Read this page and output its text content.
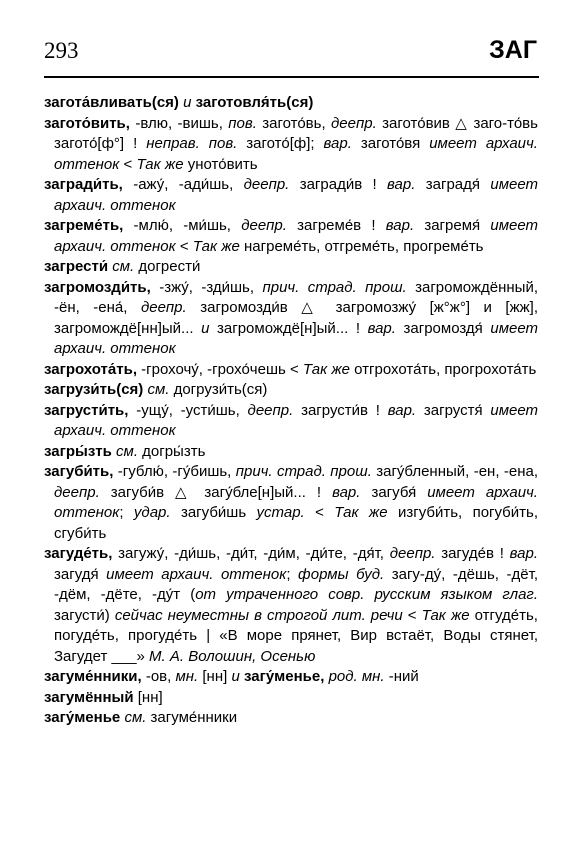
293	ЗАГ

загота́вливать(ся) и заготовля́ть(ся)

загото́вить, -влю, -вишь, пов. загото́вь, деепр. загото́вив △ заго-то́вь загото́[ф°] ! неправ. пов. загото́[ф]; вар. загото́вя имеет архаич. оттенок < Так же уното́вить

загради́ть, -ажу́, -ади́шь, деепр. загради́в ! вар. заградя́ имеет архаич. оттенок

загреме́ть, -млю́, -ми́шь, деепр. загреме́в ! вар. загремя́ имеет архаич. оттенок < Так же нагреме́ть, отгреме́ть, прогреме́ть

загрести́ см. догрести́

загромозди́ть, -зжу́, -зди́шь, прич. страд. прош. загромождённый, -ён, -ена́, деепр. загромозди́в △ загромозжу́ [ж°ж°] и [жж], загромождё[нн]ый... и загромождё[н]ый... ! вар. загромоздя́ имеет архаич. оттенок

загрохота́ть, -грохочу́, -грохо́чешь < Так же отгрохота́ть, прогрохота́ть

загрузи́ть(ся) см. догрузи́ть(ся)

загрусти́ть, -ущу́, -усти́шь, деепр. загрусти́в ! вар. загрустя́ имеет архаич. оттенок

загры́зть см. догры́зть

загуби́ть, -гублю́, -гу́бишь, прич. страд. прош. загу́бленный, -ен, -ена, деепр. загуби́в △ загу́бле[н]ый... ! вар. загубя́ имеет архаич. оттенок; удар. загуби́шь устар. < Так же изгуби́ть, погуби́ть, сгуби́ть

загуде́ть, загужу́, -ди́шь, -ди́т, -ди́м, -ди́те, -дя́т, деепр. загуде́в ! вар. загудя́ имеет архаич. оттенок; формы буд. загу-ду́, -дёшь, -дёт, -дём, -дёте, -ду́т (от утраченного совр. русским языком глаг. загусти́) сейчас неуместны в строгой лит. речи < Так же отгуде́ть, погуде́ть, прогуде́ть | «В море прянет, Вир встаёт, Воды стянет, Загудет ___» М. А. Волошин, Осенью

загуме́нники, -ов, мн. [нн] и загу́менье, род. мн. -ний

загумённый [нн]

загу́менье см. загуме́нники
